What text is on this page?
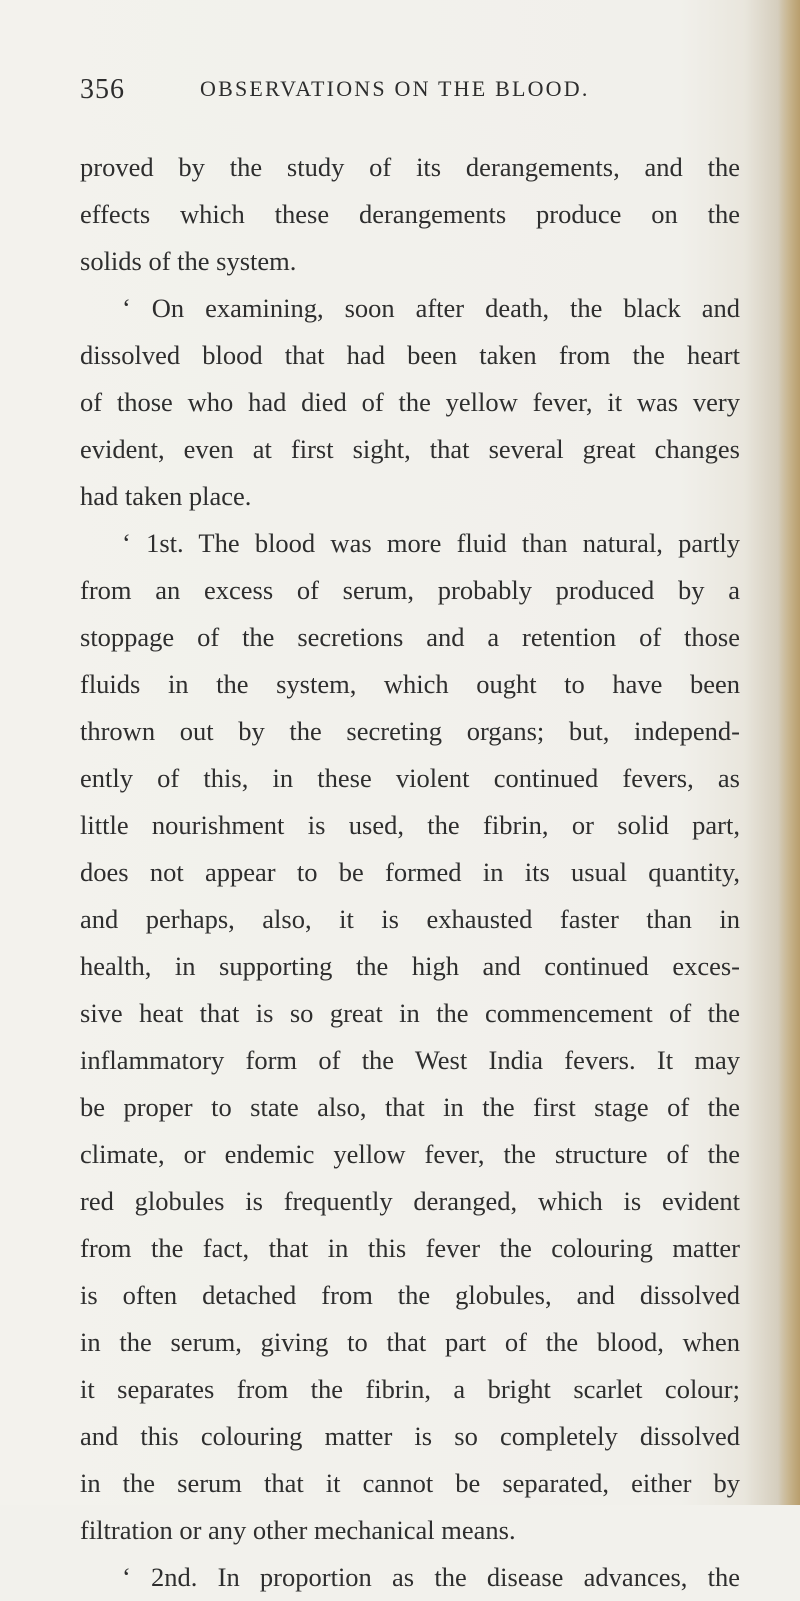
356	OBSERVATIONS ON THE BLOOD.
proved by the study of its derangements, and the
effects which these derangements produce on the
solids of the system.
‘ On examining, soon after death, the black and
dissolved blood that had been taken from the heart
of those who had died of the yellow fever, it was very
evident, even at first sight, that several great changes
had taken place.
‘ 1st. The blood was more fluid than natural, partly
from an excess of serum, probably produced by a
stoppage of the secretions and a retention of those
fluids in the system, which ought to have been
thrown out by the secreting organs; but, independ-
ently of this, in these violent continued fevers, as
little nourishment is used, the fibrin, or solid part,
does not appear to be formed in its usual quantity,
and perhaps, also, it is exhausted faster than in
health, in supporting the high and continued exces-
sive heat that is so great in the commencement of the
inflammatory form of the West India fevers. It may
be proper to state also, that in the first stage of the
climate, or endemic yellow fever, the structure of the
red globules is frequently deranged, which is evident
from the fact, that in this fever the colouring matter
is often detached from the globules, and dissolved
in the serum, giving to that part of the blood, when
it separates from the fibrin, a bright scarlet colour;
and this colouring matter is so completely dissolved
in the serum that it cannot be separated, either by
filtration or any other mechanical means.
‘ 2nd. In proportion as the disease advances, the
